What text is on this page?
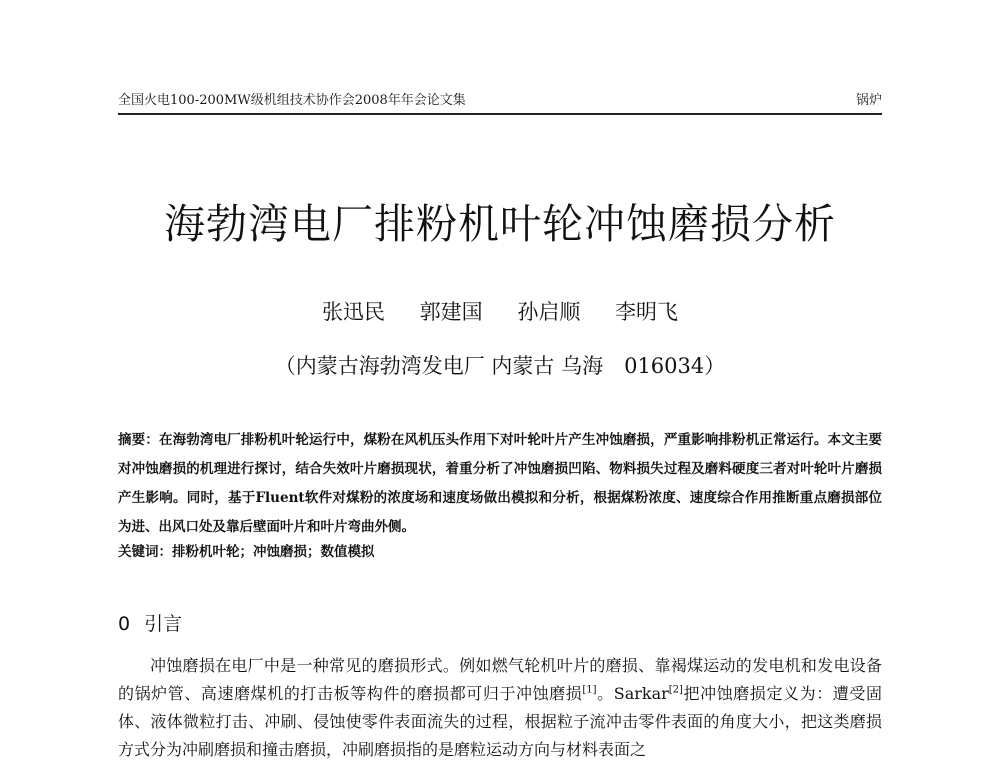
全国火电100-200MW级机组技术协作会2008年年会论文集	锅炉
海勃湾电厂排粉机叶轮冲蚀磨损分析
张迅民 郭建国 孙启顺 李明飞
（内蒙古海勃湾发电厂 内蒙古 乌海　016034）
摘要：在海勃湾电厂排粉机叶轮运行中，煤粉在风机压头作用下对叶轮叶片产生冲蚀磨损，严重影响排粉机正常运行。本文主要对冲蚀磨损的机理进行探讨，结合失效叶片磨损现状，着重分析了冲蚀磨损凹陷、物料损失过程及磨料硬度三者对叶轮叶片磨损产生影响。同时，基于Fluent软件对煤粉的浓度场和速度场做出模拟和分析，根据煤粉浓度、速度综合作用推断重点磨损部位为进、出风口处及靠后壁面叶片和叶片弯曲外侧。
关键词：排粉机叶轮；冲蚀磨损；数值模拟
0 引言
冲蚀磨损在电厂中是一种常见的磨损形式。例如燃气轮机叶片的磨损、靠褐煤运动的发电机和发电设备的锅炉管、高速磨煤机的打击板等构件的磨损都可归于冲蚀磨损[1]。Sarkar[2]把冲蚀磨损定义为：遭受固体、液体微粒打击、冲刷、侵蚀使零件表面流失的过程，根据粒子流冲击零件表面的角度大小，把这类磨损方式分为冲刷磨损和撞击磨损，冲刷磨损指的是磨粒运动方向与材料表面之
